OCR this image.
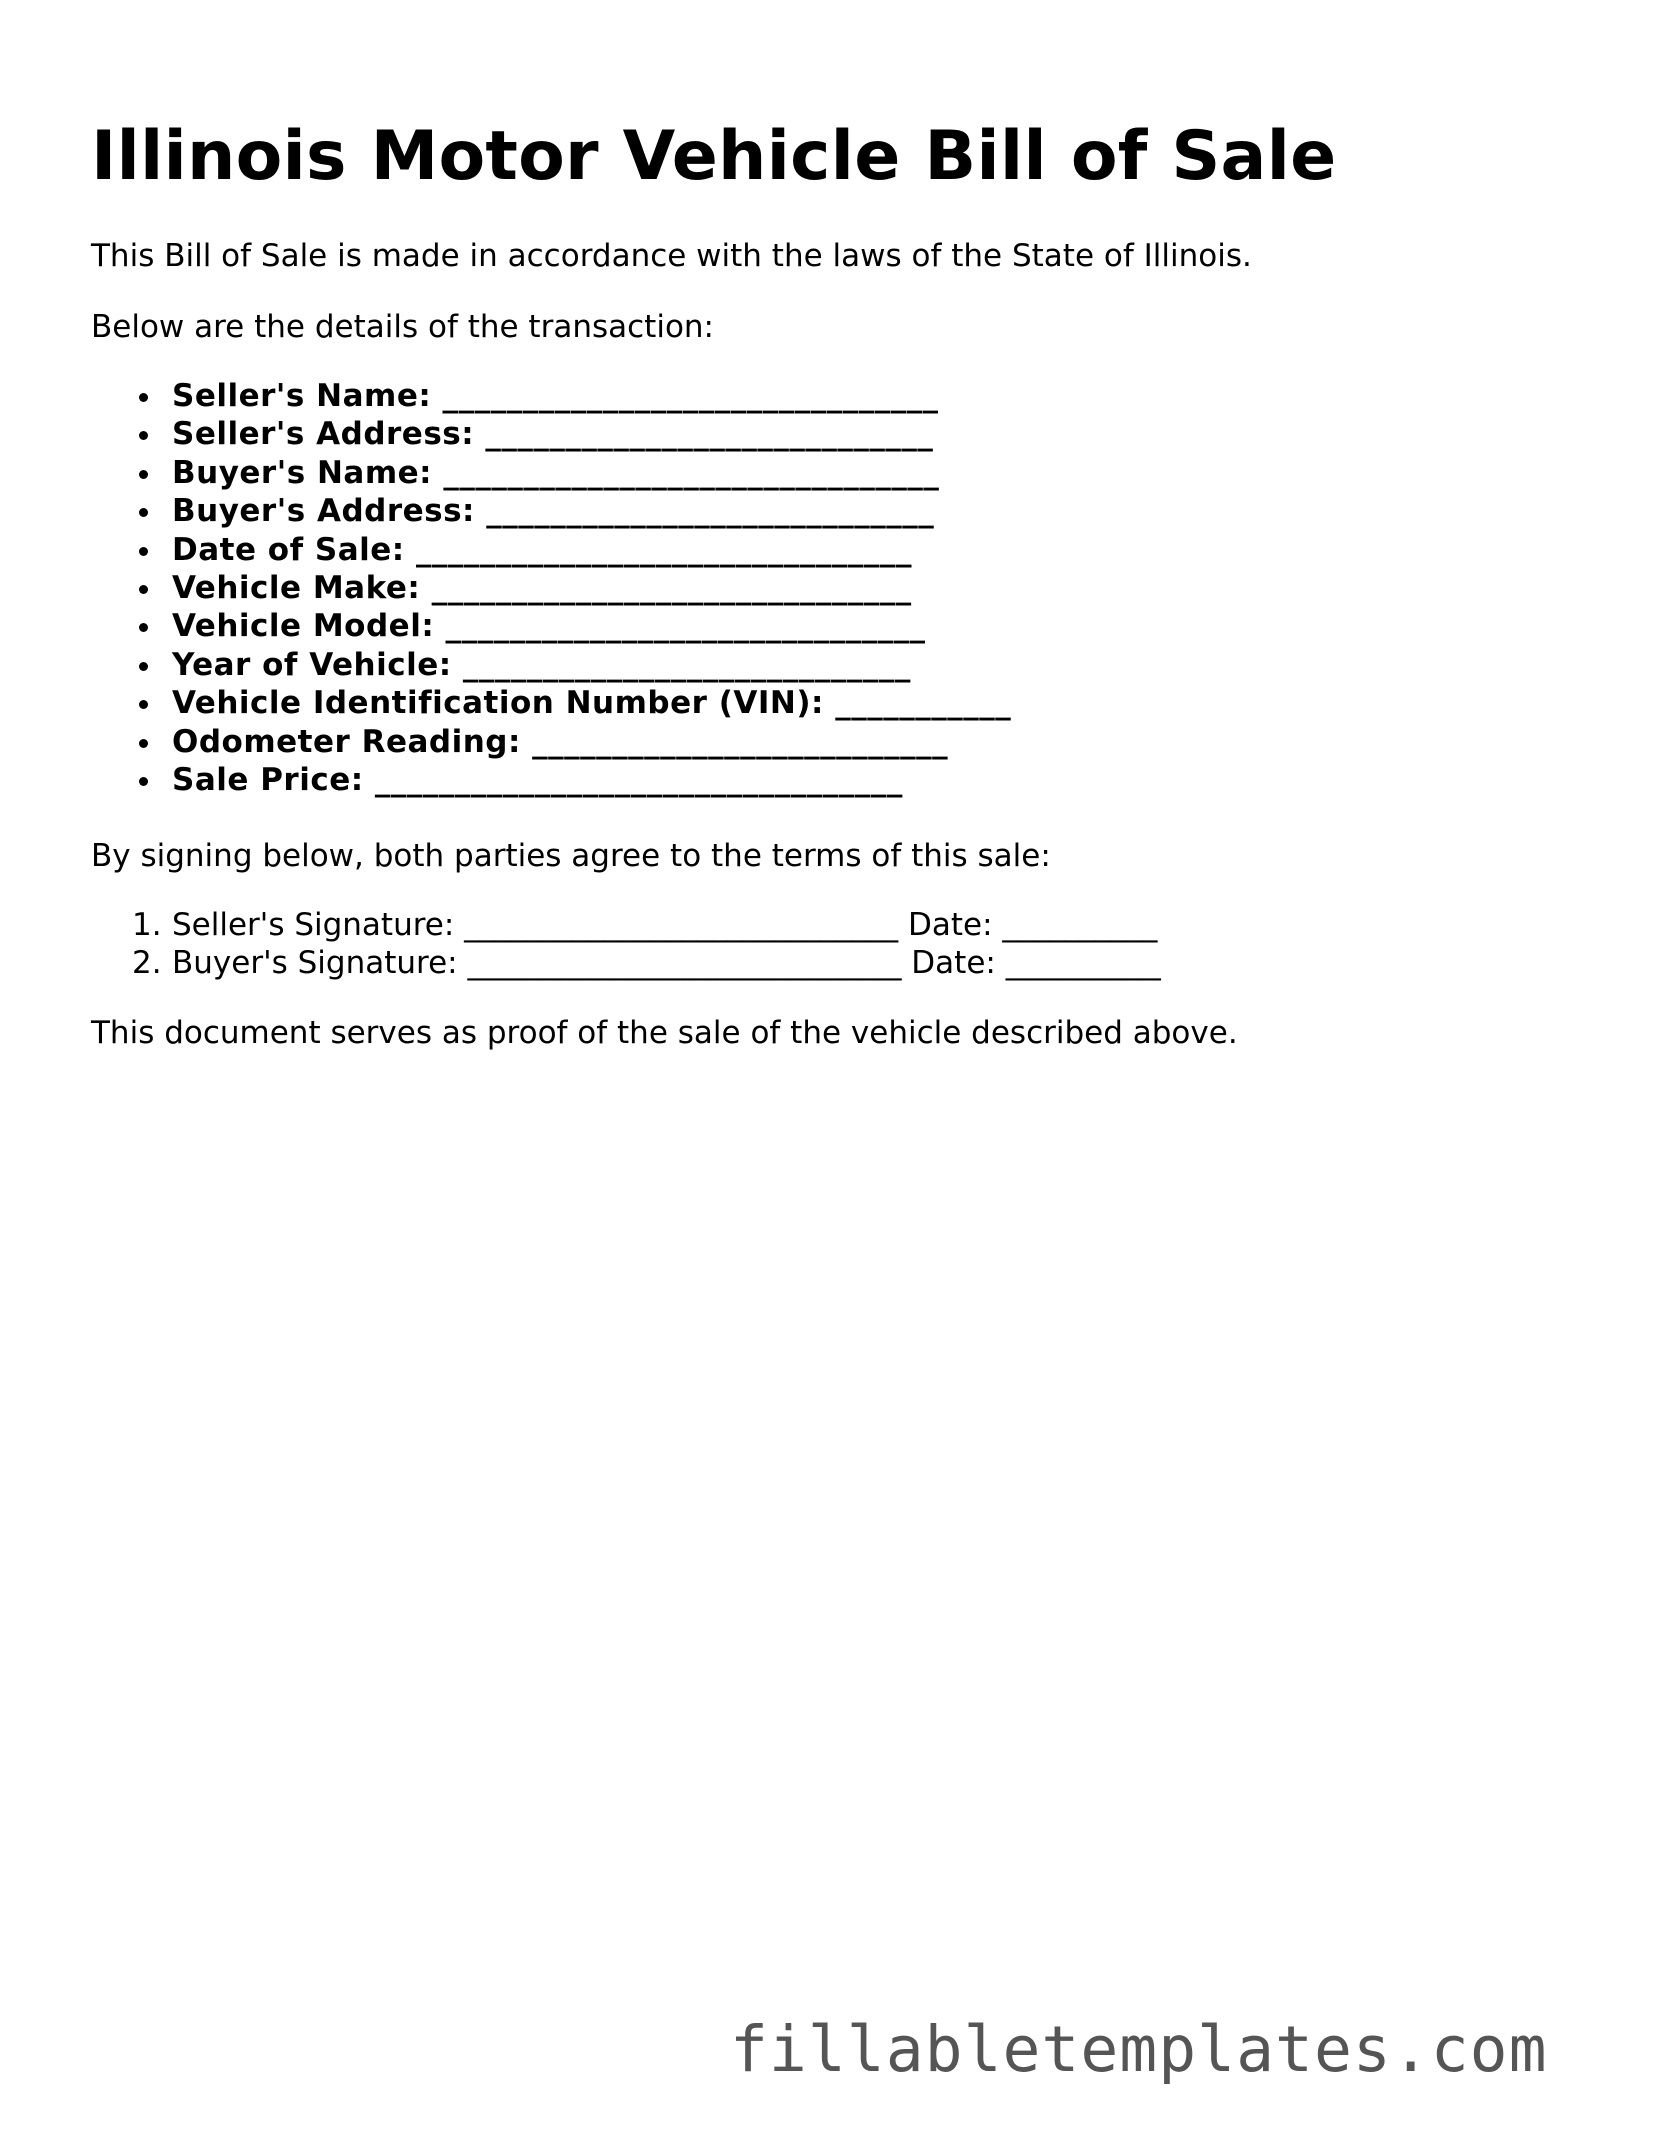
Illinois Motor Vehicle Bill of Sale

This Bill of Sale is made in accordance with the laws of the State of Illinois.

Below are the details of the transaction:

Seller's Name: _______________________________
Seller's Address: ____________________________
Buyer's Name: _______________________________
Buyer's Address: ____________________________
Date of Sale: _______________________________
Vehicle Make: ______________________________
Vehicle Model: ______________________________
Year of Vehicle: ____________________________
Vehicle Identification Number (VIN): ___________
Odometer Reading: __________________________
Sale Price: _________________________________

By signing below, both parties agree to the terms of this sale:

1. Seller's Signature: ____________________________ Date: __________
2. Buyer's Signature: ____________________________ Date: __________

This document serves as proof of the sale of the vehicle described above.

fillabletemplates.com
